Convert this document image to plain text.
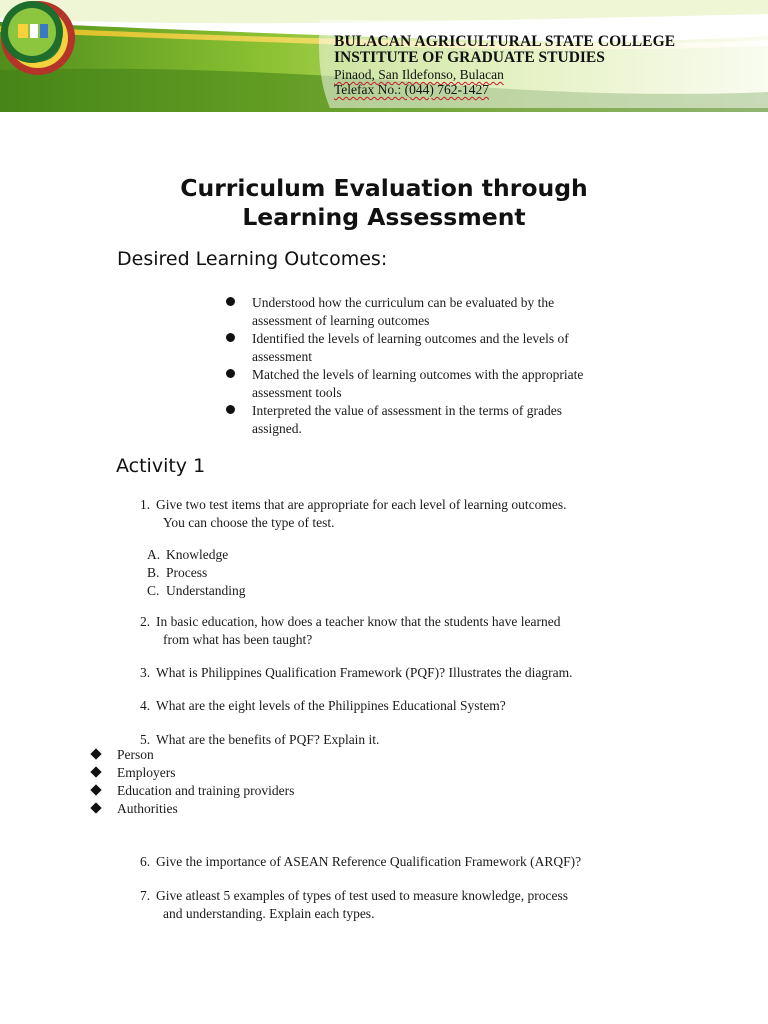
BULACAN AGRICULTURAL STATE COLLEGE
INSTITUTE OF GRADUATE STUDIES
Pinaod, San Ildefonso, Bulacan
Telefax No.: (044) 762-1427
Curriculum Evaluation through
Learning Assessment
Desired Learning Outcomes:
Understood how the curriculum can be evaluated by the
assessment of learning outcomes
Identified the levels of learning outcomes and the levels of
assessment
Matched the levels of learning outcomes with the appropriate
assessment tools
Interpreted the value of assessment in the terms of grades
assigned.
Activity 1
1. Give two test items that are appropriate for each level of learning outcomes.
You can choose the type of test.
A. Knowledge
B. Process
C. Understanding
2. In basic education, how does a teacher know that the students have learned
from what has been taught?
3. What is Philippines Qualification Framework (PQF)? Illustrates the diagram.
4. What are the eight levels of the Philippines Educational System?
5. What are the benefits of PQF? Explain it.
Person
Employers
Education and training providers
Authorities
6. Give the importance of ASEAN Reference Qualification Framework (ARQF)?
7. Give atleast 5 examples of types of test used to measure knowledge, process
and understanding. Explain each types.
